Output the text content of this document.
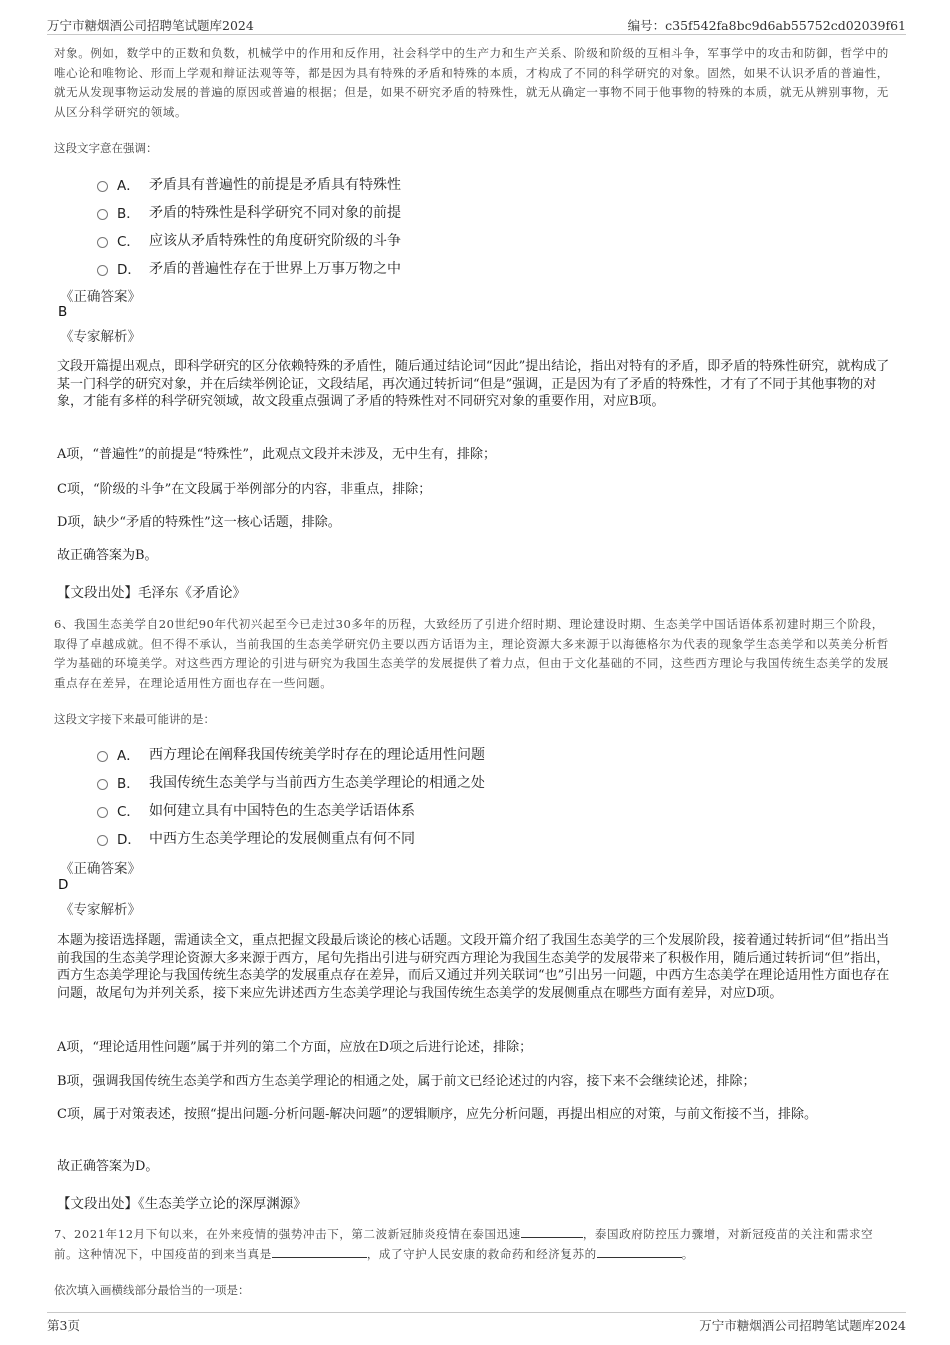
万宁市糖烟酒公司招聘笔试题库2024	编号：c35f542fa8bc9d6ab55752cd02039f61

对象。例如，数学中的正数和负数，机械学中的作用和反作用，社会科学中的生产力和生产关系、阶级和阶级的互相斗争，军事学中的攻击和防御，哲学中的唯心论和唯物论、形而上学观和辩证法观等等，都是因为具有特殊的矛盾和特殊的本质，才构成了不同的科学研究的对象。固然，如果不认识矛盾的普遍性，就无从发现事物运动发展的普遍的原因或普遍的根据；但是，如果不研究矛盾的特殊性，就无从确定一事物不同于他事物的特殊的本质，就无从辨别事物，无从区分科学研究的领域。

这段文字意在强调：

A． 矛盾具有普遍性的前提是矛盾具有特殊性
B． 矛盾的特殊性是科学研究不同对象的前提
C． 应该从矛盾特殊性的角度研究阶级的斗争
D． 矛盾的普遍性存在于世界上万事万物之中

《正确答案》

B

《专家解析》

文段开篇提出观点，即科学研究的区分依赖特殊的矛盾性，随后通过结论词“因此”提出结论，指出对特有的矛盾，即矛盾的特殊性研究，就构成了某一门科学的研究对象，并在后续举例论证，文段结尾，再次通过转折词“但是”强调，正是因为有了矛盾的特殊性，才有了不同于其他事物的对象，才能有多样的科学研究领域，故文段重点强调了矛盾的特殊性对不同研究对象的重要作用，对应B项。

A项，“普遍性”的前提是“特殊性”，此观点文段并未涉及，无中生有，排除；

C项，“阶级的斗争”在文段属于举例部分的内容，非重点，排除；

D项，缺少“矛盾的特殊性”这一核心话题，排除。

故正确答案为B。

【文段出处】毛泽东《矛盾论》

6、我国生态美学自20世纪90年代初兴起至今已走过30多年的历程，大致经历了引进介绍时期、理论建设时期、生态美学中国话语体系初建时期三个阶段，取得了卓越成就。但不得不承认，当前我国的生态美学研究仍主要以西方话语为主，理论资源大多来源于以海德格尔为代表的现象学生态美学和以英美分析哲学为基础的环境美学。对这些西方理论的引进与研究为我国生态美学的发展提供了着力点，但由于文化基础的不同，这些西方理论与我国传统生态美学的发展重点存在差异，在理论适用性方面也存在一些问题。

这段文字接下来最可能讲的是：

A． 西方理论在阐释我国传统美学时存在的理论适用性问题
B． 我国传统生态美学与当前西方生态美学理论的相通之处
C． 如何建立具有中国特色的生态美学话语体系
D． 中西方生态美学理论的发展侧重点有何不同

《正确答案》

D

《专家解析》

本题为接语选择题，需通读全文，重点把握文段最后谈论的核心话题。文段开篇介绍了我国生态美学的三个发展阶段，接着通过转折词“但”指出当前我国的生态美学理论资源大多来源于西方，尾句先指出引进与研究西方理论为我国生态美学的发展带来了积极作用，随后通过转折词“但”指出，西方生态美学理论与我国传统生态美学的发展重点存在差异，而后又通过并列关联词“也”引出另一问题，中西方生态美学在理论适用性方面也存在问题，故尾句为并列关系，接下来应先讲述西方生态美学理论与我国传统生态美学的发展侧重点在哪些方面有差异，对应D项。

A项，“理论适用性问题”属于并列的第二个方面，应放在D项之后进行论述，排除；

B项，强调我国传统生态美学和西方生态美学理论的相通之处，属于前文已经论述过的内容，接下来不会继续论述，排除；

C项，属于对策表述，按照“提出问题-分析问题-解决问题”的逻辑顺序，应先分析问题，再提出相应的对策，与前文衔接不当，排除。

故正确答案为D。

【文段出处】《生态美学立论的深厚渊源》

7、2021年12月下旬以来，在外来疫情的强势冲击下，第二波新冠肺炎疫情在泰国迅速	，泰国政府防控压力骤增，对新冠疫苗的关注和需求空前。这种情况下，中国疫苗的到来当真是	，成了守护人民安康的救命药和经济复苏的	。

依次填入画横线部分最恰当的一项是：

第3页	万宁市糖烟酒公司招聘笔试题库2024
